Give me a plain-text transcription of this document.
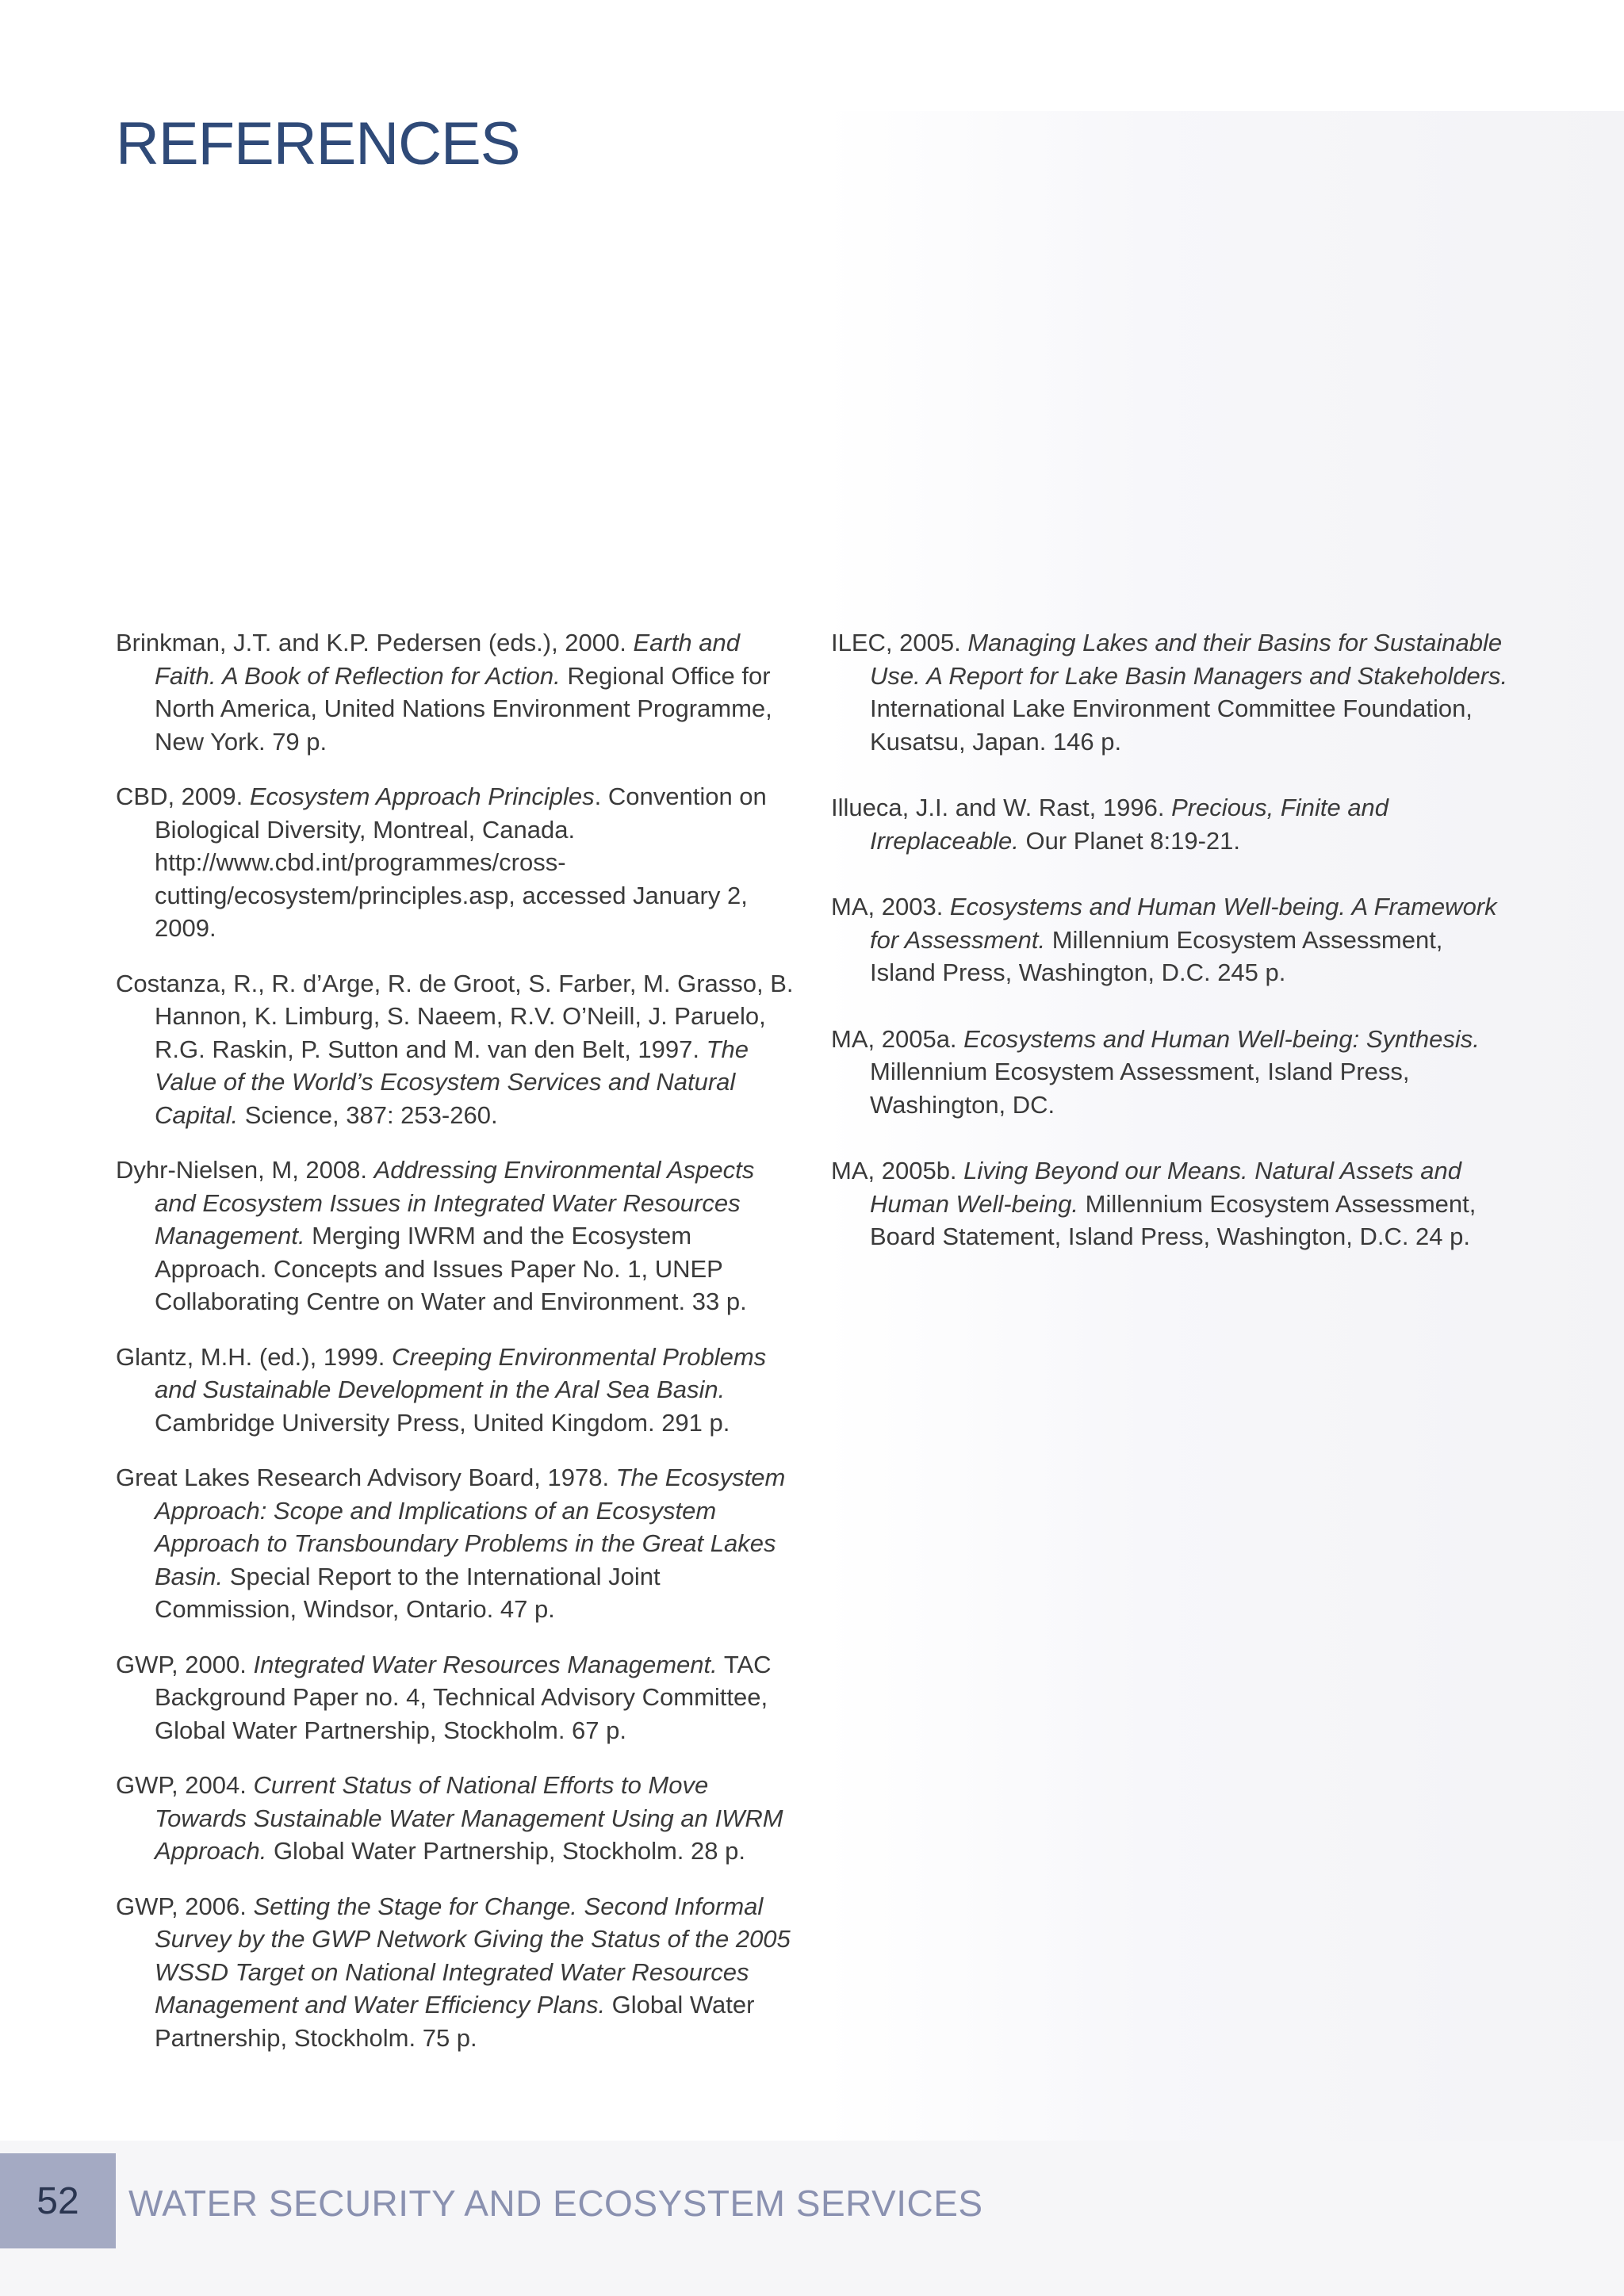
REFERENCES

Brinkman, J.T. and K.P. Pedersen (eds.), 2000. Earth and Faith. A Book of Reflection for Action. Regional Office for North America, United Nations Environment Programme, New York. 79 p.

CBD, 2009. Ecosystem Approach Principles. Convention on Biological Diversity, Montreal, Canada. http://www.cbd.int/programmes/cross-cutting/ecosystem/principles.asp, accessed January 2, 2009.

Costanza, R., R. d’Arge, R. de Groot, S. Farber, M. Grasso, B. Hannon, K. Limburg, S. Naeem, R.V. O’Neill, J. Paruelo, R.G. Raskin, P. Sutton and M. van den Belt, 1997. The Value of the World’s Ecosystem Services and Natural Capital. Science, 387: 253-260.

Dyhr-Nielsen, M, 2008. Addressing Environmental Aspects and Ecosystem Issues in Integrated Water Resources Management. Merging IWRM and the Ecosystem Approach. Concepts and Issues Paper No. 1, UNEP Collaborating Centre on Water and Environment. 33 p.

Glantz, M.H. (ed.), 1999. Creeping Environmental Problems and Sustainable Development in the Aral Sea Basin. Cambridge University Press, United Kingdom. 291 p.

Great Lakes Research Advisory Board, 1978. The Ecosystem Approach: Scope and Implications of an Ecosystem Approach to Transboundary Problems in the Great Lakes Basin. Special Report to the International Joint Commission, Windsor, Ontario. 47 p.

GWP, 2000. Integrated Water Resources Management. TAC Background Paper no. 4, Technical Advisory Committee, Global Water Partnership, Stockholm. 67 p.

GWP, 2004. Current Status of National Efforts to Move Towards Sustainable Water Management Using an IWRM Approach. Global Water Partnership, Stockholm. 28 p.

GWP, 2006. Setting the Stage for Change. Second Informal Survey by the GWP Network Giving the Status of the 2005 WSSD Target on National Integrated Water Resources Management and Water Efficiency Plans. Global Water Partnership, Stockholm. 75 p.

ILEC, 2005. Managing Lakes and their Basins for Sustainable Use. A Report for Lake Basin Managers and Stakeholders. International Lake Environment Committee Foundation, Kusatsu, Japan. 146 p.

Illueca, J.I. and W. Rast, 1996. Precious, Finite and Irreplaceable. Our Planet 8:19-21.

MA, 2003. Ecosystems and Human Well-being. A Framework for Assessment. Millennium Ecosystem Assessment, Island Press, Washington, D.C. 245 p.

MA, 2005a. Ecosystems and Human Well-being: Synthesis. Millennium Ecosystem Assessment, Island Press, Washington, DC.

MA, 2005b. Living Beyond our Means. Natural Assets and Human Well-being. Millennium Ecosystem Assessment, Board Statement, Island Press, Washington, D.C. 24 p.

52 WATER SECURITY AND ECOSYSTEM SERVICES
